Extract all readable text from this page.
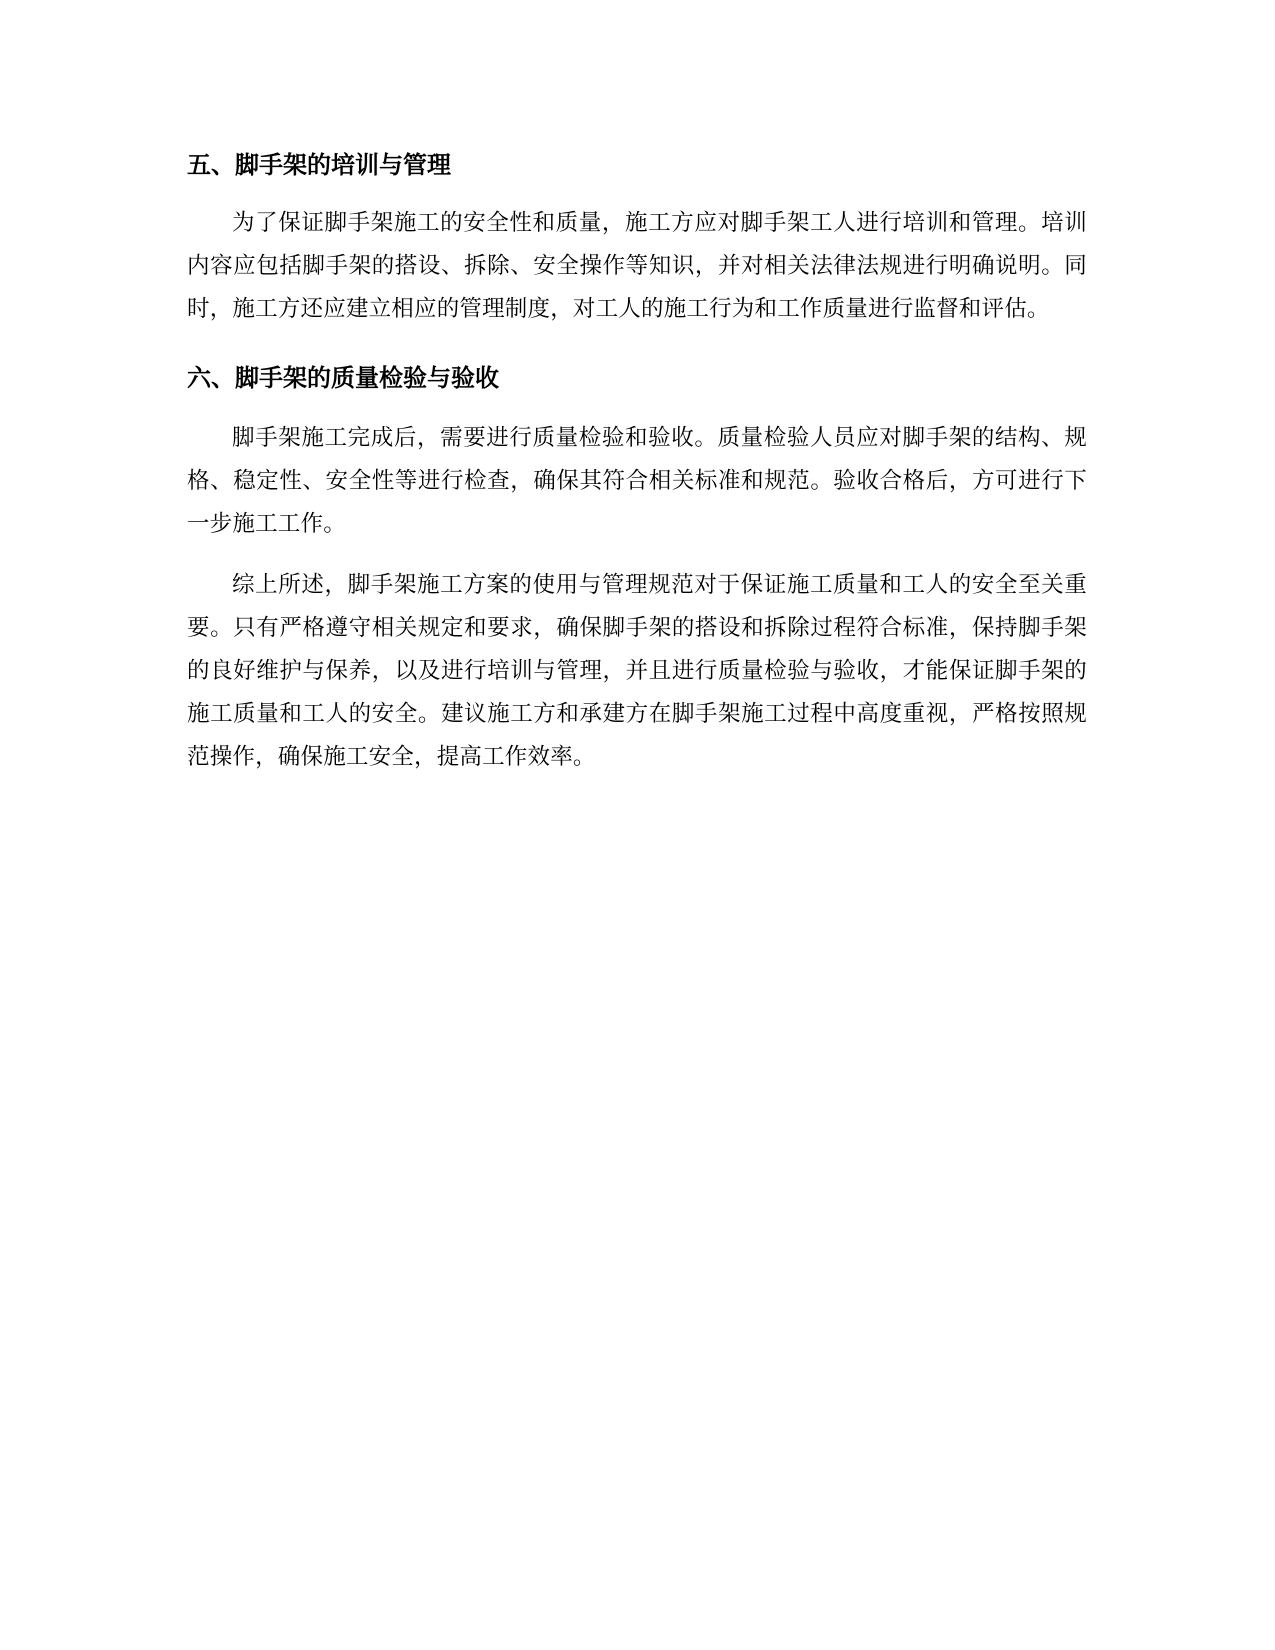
五、脚手架的培训与管理

为了保证脚手架施工的安全性和质量，施工方应对脚手架工人进行培训和管理。培训内容应包括脚手架的搭设、拆除、安全操作等知识，并对相关法律法规进行明确说明。同时，施工方还应建立相应的管理制度，对工人的施工行为和工作质量进行监督和评估。

六、脚手架的质量检验与验收

脚手架施工完成后，需要进行质量检验和验收。质量检验人员应对脚手架的结构、规格、稳定性、安全性等进行检查，确保其符合相关标准和规范。验收合格后，方可进行下一步施工工作。

综上所述，脚手架施工方案的使用与管理规范对于保证施工质量和工人的安全至关重要。只有严格遵守相关规定和要求，确保脚手架的搭设和拆除过程符合标准，保持脚手架的良好维护与保养，以及进行培训与管理，并且进行质量检验与验收，才能保证脚手架的施工质量和工人的安全。建议施工方和承建方在脚手架施工过程中高度重视，严格按照规范操作，确保施工安全，提高工作效率。
